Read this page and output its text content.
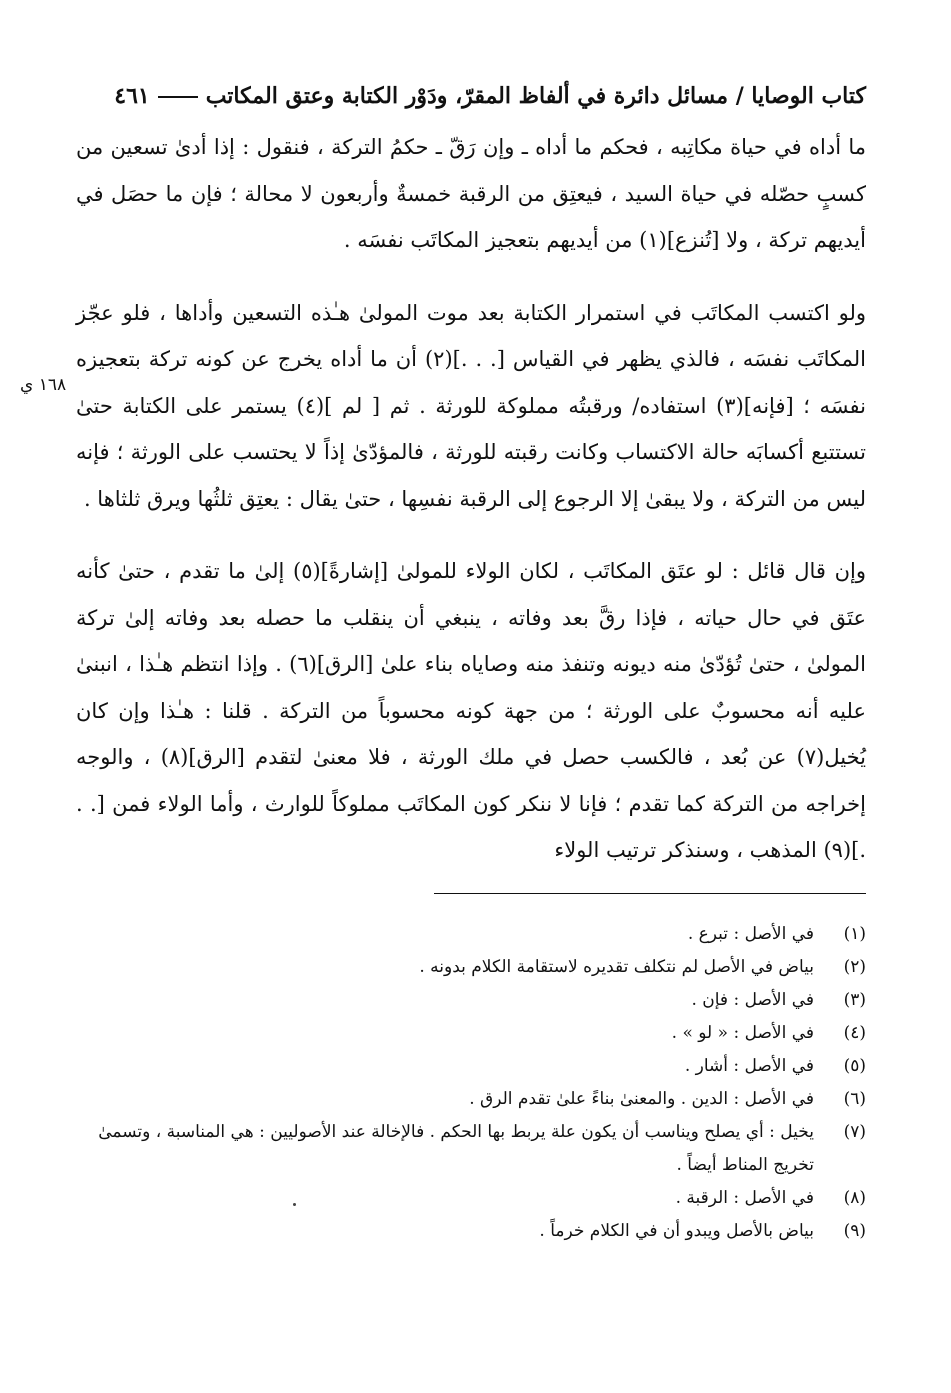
كتاب الوصايا / مسائل دائرة في ألفاظ المقرّ، ودَوْر الكتابة وعتق المكاتب٤٦١

ما أداه في حياة مكاتِبه ، فحكم ما أداه ـ وإن رَقّ ـ حكمُ التركة ، فنقول : إذا أدىٰ تسعين من كسبٍ حصّله في حياة السيد ، فيعتِق من الرقبة خمسةٌ وأربعون لا محالة ؛ فإن ما حصَل في أيديهم تركة ، ولا [تُنزع](١) من أيديهم بتعجيز المكاتَب نفسَه .

ولو اكتسب المكاتَب في استمرار الكتابة بعد موت المولىٰ هـٰذه التسعين وأداها ، فلو عجّز المكاتَب نفسَه ، فالذي يظهر في القياس [. . .](٢) أن ما أداه يخرج عن كونه تركة بتعجيزه نفسَه ؛ [فإنه](٣) استفاده/ ورقبتُه مملوكة للورثة . ثم [ لم ](٤) يستمر على الكتابة حتىٰ تستتبع أكسابَه حالة الاكتساب وكانت رقبته للورثة ، فالمؤدّىٰ إذاً لا يحتسب على الورثة ؛ فإنه ليس من التركة ، ولا يبقىٰ إلا الرجوع إلى الرقبة نفسِها ، حتىٰ يقال : يعتِق ثلثُها ويرق ثلثاها .

وإن قال قائل : لو عتَق المكاتَب ، لكان الولاء للمولىٰ [إشارةً](٥) إلىٰ ما تقدم ، حتىٰ كأنه عتَق في حال حياته ، فإذا رقَّ بعد وفاته ، ينبغي أن ينقلب ما حصله بعد وفاته إلىٰ تركة المولىٰ ، حتىٰ تُؤدّىٰ منه ديونه وتنفذ منه وصاياه بناء علىٰ [الرق](٦) . وإذا انتظم هـٰذا ، انبنىٰ عليه أنه محسوبٌ على الورثة ؛ من جهة كونه محسوباً من التركة . قلنا : هـٰذا وإن كان يُخيل(٧) عن بُعد ، فالكسب حصل في ملك الورثة ، فلا معنىٰ لتقدم [الرق](٨) ، والوجه إخراجه من التركة كما تقدم ؛ فإنا لا ننكر كون المكاتَب مملوكاً للوارث ، وأما الولاء فمن [. . .](٩) المذهب ، وسنذكر ترتيب الولاء

١٦٨ ي
(١)
في الأصل : تبرع .
(٢)
بياض في الأصل لم نتكلف تقديره لاستقامة الكلام بدونه .
(٣)
في الأصل : فإن .
(٤)
في الأصل : « لو » .
(٥)
في الأصل : أشار .
(٦)
في الأصل : الدين . والمعنىٰ بناءً علىٰ تقدم الرق .
(٧)
يخيل : أي يصلح ويناسب أن يكون علة يربط بها الحكم . فالإخالة عند الأصوليين : هي المناسبة ، وتسمىٰ تخريج المناط أيضاً .
(٨)
في الأصل : الرقبة .
(٩)
بياض بالأصل ويبدو أن في الكلام خرماً .
